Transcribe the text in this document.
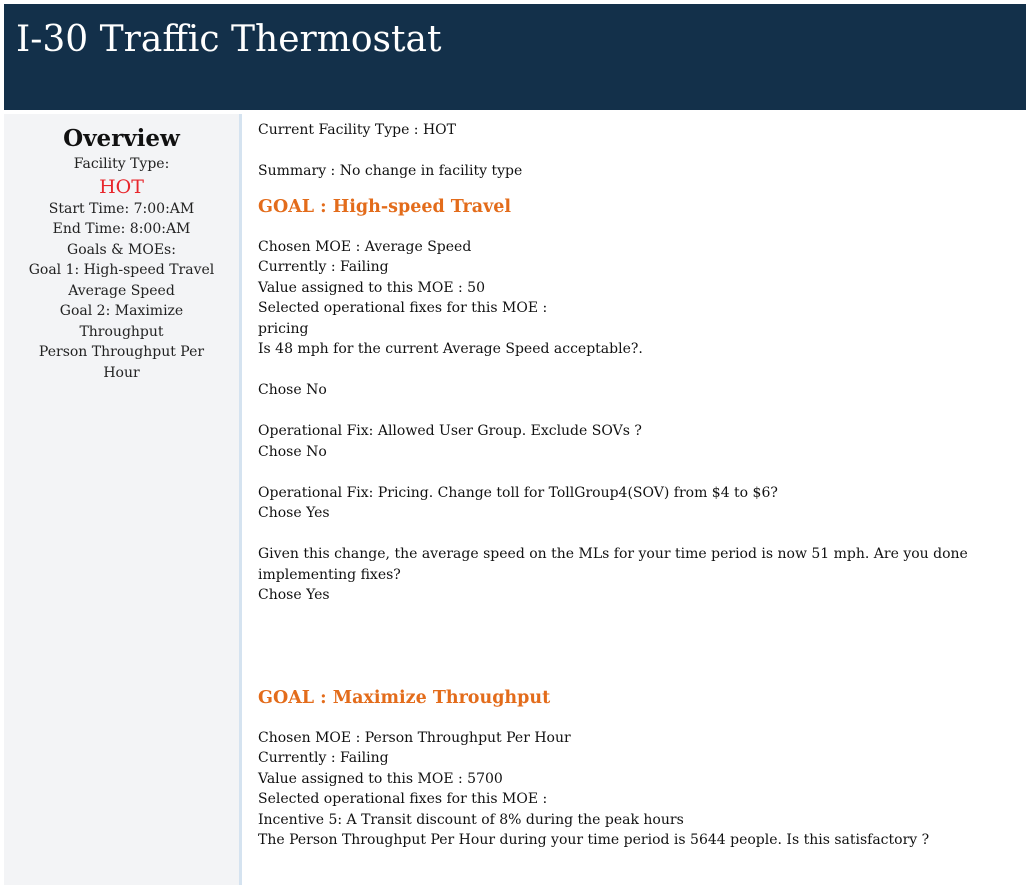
I-30 Traffic Thermostat
Overview
Facility Type:
HOT
Start Time: 7:00:AM
End Time: 8:00:AM
Goals & MOEs:
Goal 1: High-speed Travel
Average Speed
Goal 2: Maximize Throughput
Person Throughput Per Hour
Current Facility Type : HOT
Summary : No change in facility type
GOAL : High-speed Travel
Chosen MOE : Average Speed
Currently : Failing
Value assigned to this MOE : 50
Selected operational fixes for this MOE :
pricing
Is 48 mph for the current Average Speed acceptable?.
Chose No
Operational Fix: Allowed User Group. Exclude SOVs ?
Chose No
Operational Fix: Pricing. Change toll for TollGroup4(SOV) from $4 to $6?
Chose Yes
Given this change, the average speed on the MLs for your time period is now 51 mph. Are you done implementing fixes?
Chose Yes
GOAL : Maximize Throughput
Chosen MOE : Person Throughput Per Hour
Currently : Failing
Value assigned to this MOE : 5700
Selected operational fixes for this MOE :
Incentive 5: A Transit discount of 8% during the peak hours
The Person Throughput Per Hour during your time period is 5644 people. Is this satisfactory ?
